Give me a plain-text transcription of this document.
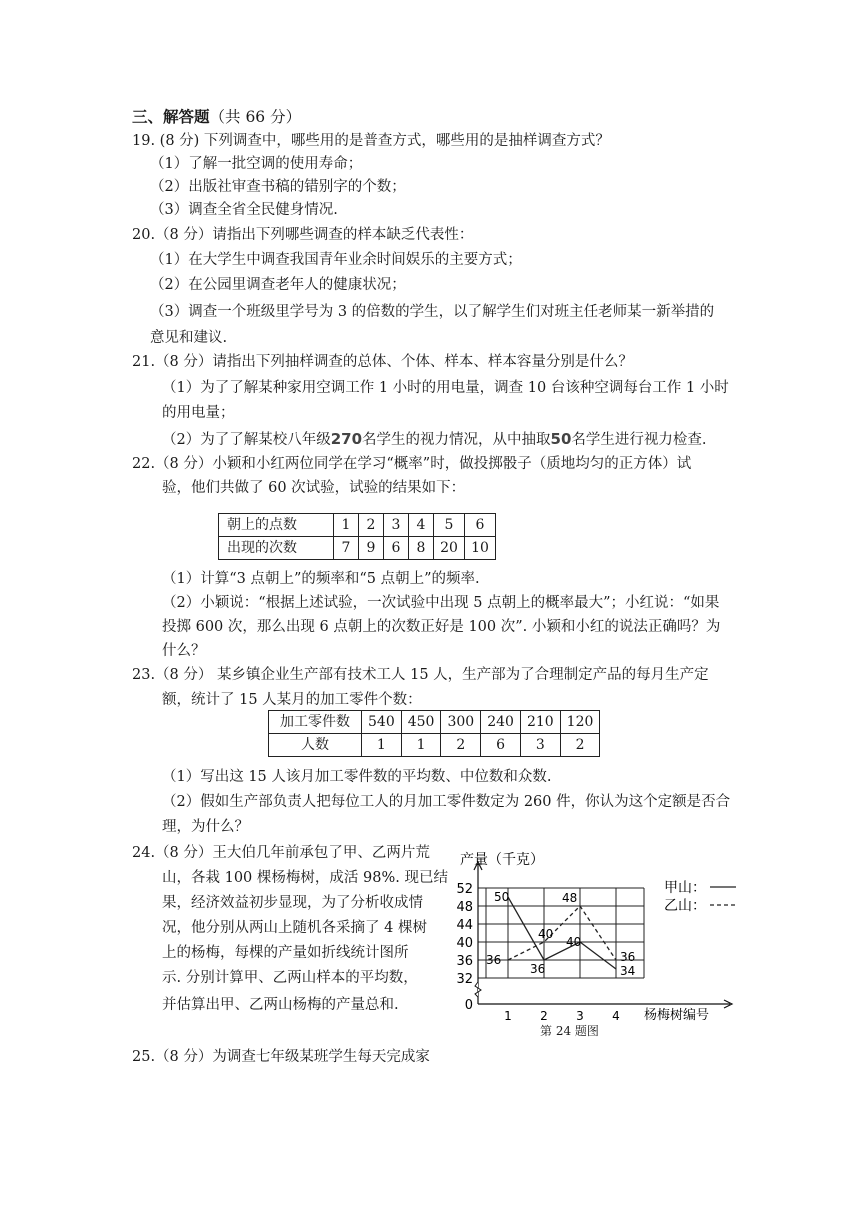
三、解答题（共 66 分）
19. (8 分) 下列调查中，哪些用的是普查方式，哪些用的是抽样调查方式？
（1）了解一批空调的使用寿命；
（2）出版社审查书稿的错别字的个数；
（3）调查全省全民健身情况.
20.（8 分）请指出下列哪些调查的样本缺乏代表性：
（1）在大学生中调查我国青年业余时间娱乐的主要方式；
（2）在公园里调查老年人的健康状况；
（3）调查一个班级里学号为 3 的倍数的学生，以了解学生们对班主任老师某一新举措的
意见和建议.
21.（8 分）请指出下列抽样调查的总体、个体、样本、样本容量分别是什么？
（1）为了了解某种家用空调工作 1 小时的用电量，调查 10 台该种空调每台工作 1 小时
的用电量；
（2）为了了解某校八年级270名学生的视力情况，从中抽取50名学生进行视力检查.
22.（8 分）小颖和小红两位同学在学习“概率”时，做投掷骰子（质地均匀的正方体）试
验，他们共做了 60 次试验，试验的结果如下：
朝上的点数	1	2	3	4	5	6
出现的次数	7	9	6	8	20	10
（1）计算“3 点朝上”的频率和“5 点朝上”的频率.
（2）小颖说：“根据上述试验，一次试验中出现 5 点朝上的概率最大”；小红说：“如果
投掷 600 次，那么出现 6 点朝上的次数正好是 100 次”. 小颖和小红的说法正确吗？为
什么？
23.（8 分） 某乡镇企业生产部有技术工人 15 人，生产部为了合理制定产品的每月生产定
额，统计了 15 人某月的加工零件个数：
加工零件数	540	450	300	240	210	120
人数	1	1	2	6	3	2
（1）写出这 15 人该月加工零件数的平均数、中位数和众数.
（2）假如生产部负责人把每位工人的月加工零件数定为 260 件，你认为这个定额是否合
理，为什么？
24.（8 分）王大伯几年前承包了甲、乙两片荒
山，各栽 100 棵杨梅树，成活 98%. 现已结
果，经济效益初步显现，为了分析收成情
况，他分别从两山上随机各采摘了 4 棵树
上的杨梅，每棵的产量如折线统计图所
示. 分别计算甲、乙两山样本的平均数，
并估算出甲、乙两山杨梅的产量总和.	0
32
36
40
44
48
52
1 2 3 4
产量（千克）
杨梅树编号
50
36
40
36
48
40
36
34
甲山：
乙山：
第 24 题图
25.（8 分）为调查七年级某班学生每天完成家
